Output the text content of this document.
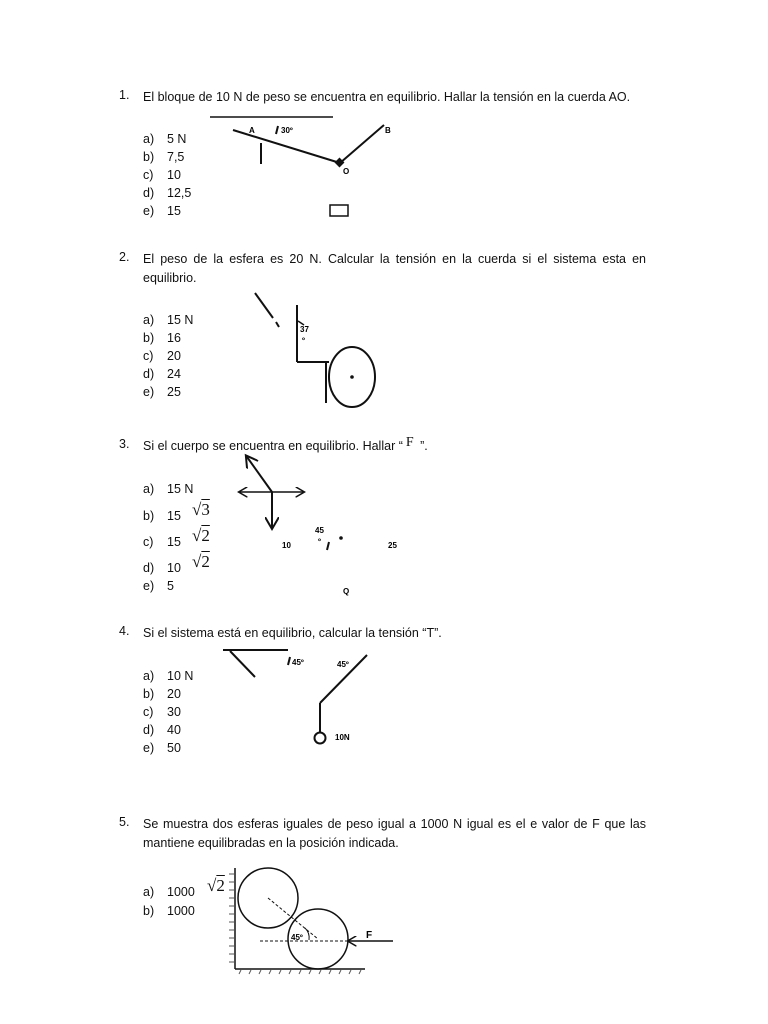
1. El bloque de 10 N de peso se encuentra en equilibrio. Hallar la tensión en la cuerda AO.
a) 5 N
b) 7,5
c) 10
d) 12,5
e) 15
A	30º	B
O
2. El peso de la esfera es 20 N. Calcular la tensión en la cuerda si el sistema esta en equilibrio.
a) 15 N
b) 16
c) 20
d) 24
e) 25
37
º
3. Si el cuerpo se encuentra en equilibrio. Hallar “ F ”.
a) 15 N
b) 15 √3
c) 15 √2
d) 10 √2
e) 5
10
45
º	25
Q
4. Si el sistema está en equilibrio, calcular la tensión “T”.
a) 10 N
b) 20
c) 30
d) 40
e) 50
45º	45º
10N
5. Se muestra dos esferas iguales de peso igual a 1000 N igual es el e valor de F que las mantiene equilibradas en la posición indicada.
a) 1000 √2
b) 1000
45º	F
